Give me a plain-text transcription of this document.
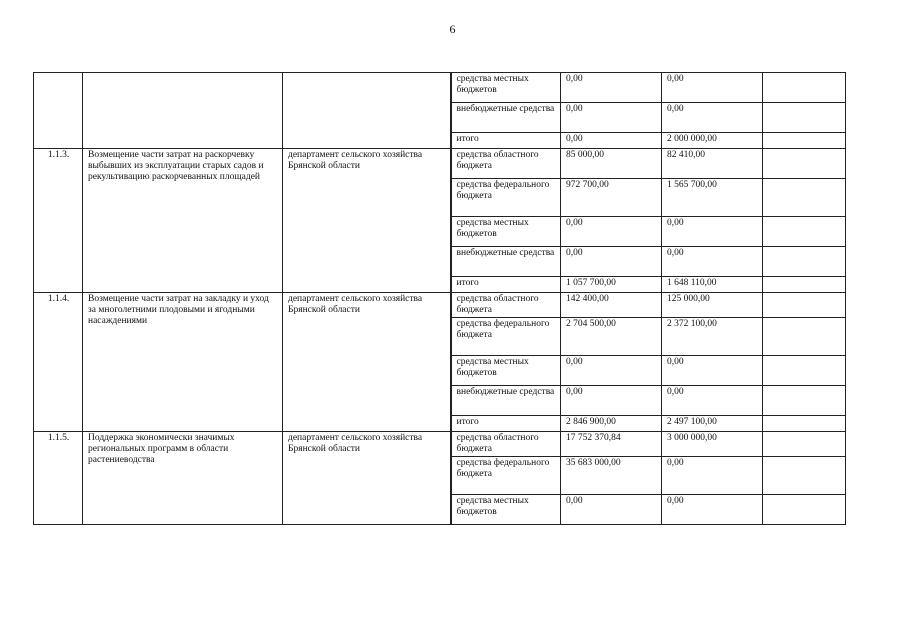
6
			средства местных бюджетов	0,00	0,00	
			внебюджетные средства	0,00	0,00	
			итого	0,00	2 000 000,00	
1.1.3.	Возмещение части затрат на раскорчевку выбывших из эксплуатации старых садов и рекультивацию раскорчеванных площадей	департамент сельского хозяйства Брянской области	средства областного бюджета	85 000,00	82 410,00	
			средства федерального бюджета	972 700,00	1 565 700,00	
			средства местных бюджетов	0,00	0,00	
			внебюджетные средства	0,00	0,00	
			итого	1 057 700,00	1 648 110,00	
1.1.4.	Возмещение части затрат на закладку и уход за многолетними плодовыми и ягодными насаждениями	департамент сельского хозяйства Брянской области	средства областного бюджета	142 400,00	125 000,00	
			средства федерального бюджета	2 704 500,00	2 372 100,00	
			средства местных бюджетов	0,00	0,00	
			внебюджетные средства	0,00	0,00	
			итого	2 846 900,00	2 497 100,00	
1.1.5.	Поддержка экономически значимых региональных программ в области растениеводства	департамент сельского хозяйства Брянской области	средства областного бюджета	17 752 370,84	3 000 000,00	
			средства федерального бюджета	35 683 000,00	0,00	
			средства местных бюджетов	0,00	0,00	
